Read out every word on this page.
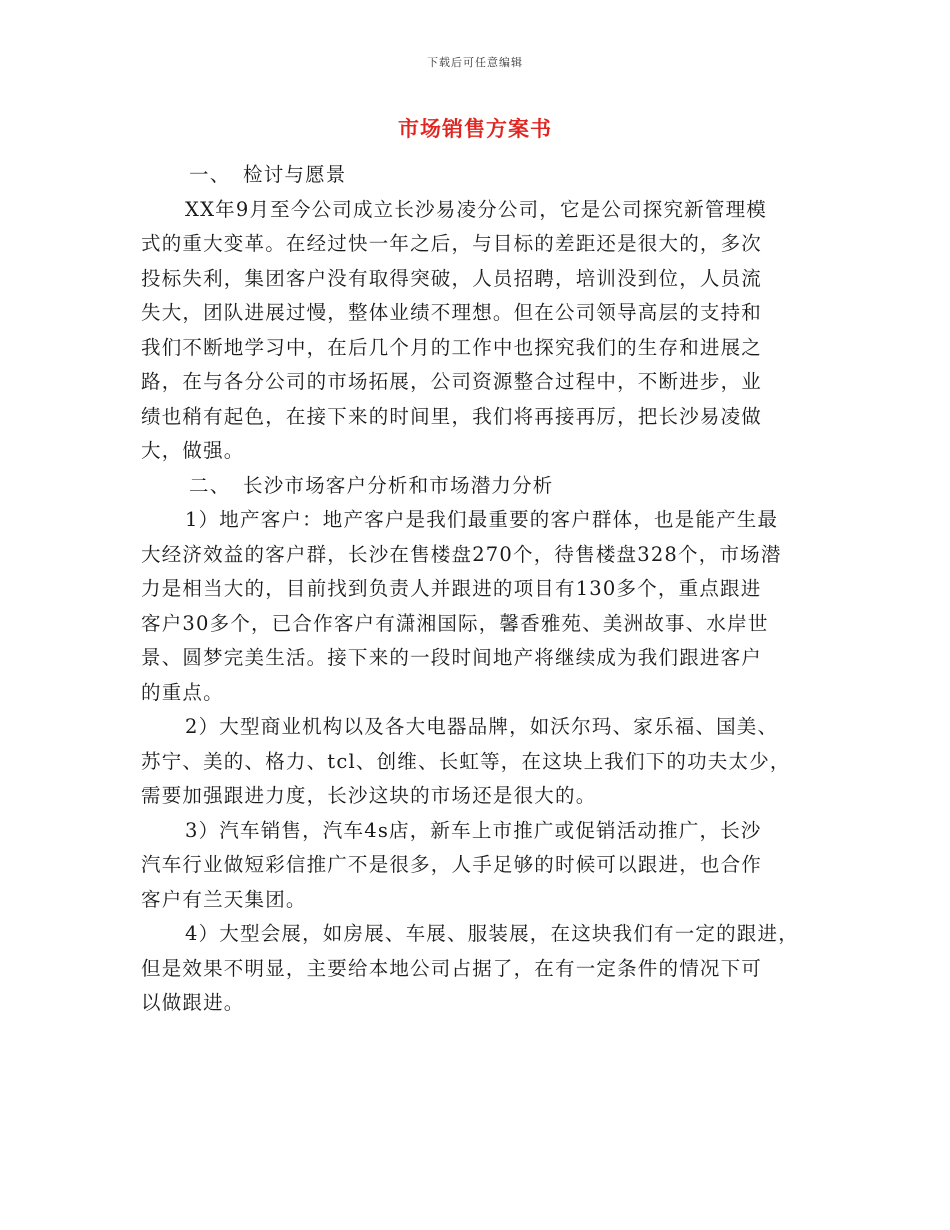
下载后可任意编辑
市场销售方案书
一、 检讨与愿景
XX年9月至今公司成立长沙易凌分公司，它是公司探究新管理模
式的重大变革。在经过快一年之后，与目标的差距还是很大的，多次
投标失利，集团客户没有取得突破，人员招聘，培训没到位，人员流
失大，团队进展过慢，整体业绩不理想。但在公司领导高层的支持和
我们不断地学习中，在后几个月的工作中也探究我们的生存和进展之
路，在与各分公司的市场拓展，公司资源整合过程中，不断进步，业
绩也稍有起色，在接下来的时间里，我们将再接再厉，把长沙易凌做
大，做强。
二、 长沙市场客户分析和市场潜力分析
1）地产客户：地产客户是我们最重要的客户群体，也是能产生最
大经济效益的客户群，长沙在售楼盘270个，待售楼盘328个，市场潜
力是相当大的，目前找到负责人并跟进的项目有130多个，重点跟进
客户30多个，已合作客户有潇湘国际，馨香雅苑、美洲故事、水岸世
景、圆梦完美生活。接下来的一段时间地产将继续成为我们跟进客户
的重点。
2）大型商业机构以及各大电器品牌，如沃尔玛、家乐福、国美、
苏宁、美的、格力、tcl、创维、长虹等，在这块上我们下的功夫太少，
需要加强跟进力度，长沙这块的市场还是很大的。
3）汽车销售，汽车4s店，新车上市推广或促销活动推广，长沙
汽车行业做短彩信推广不是很多，人手足够的时候可以跟进，也合作
客户有兰天集团。
4）大型会展，如房展、车展、服装展，在这块我们有一定的跟进，
但是效果不明显，主要给本地公司占据了，在有一定条件的情况下可
以做跟进。
